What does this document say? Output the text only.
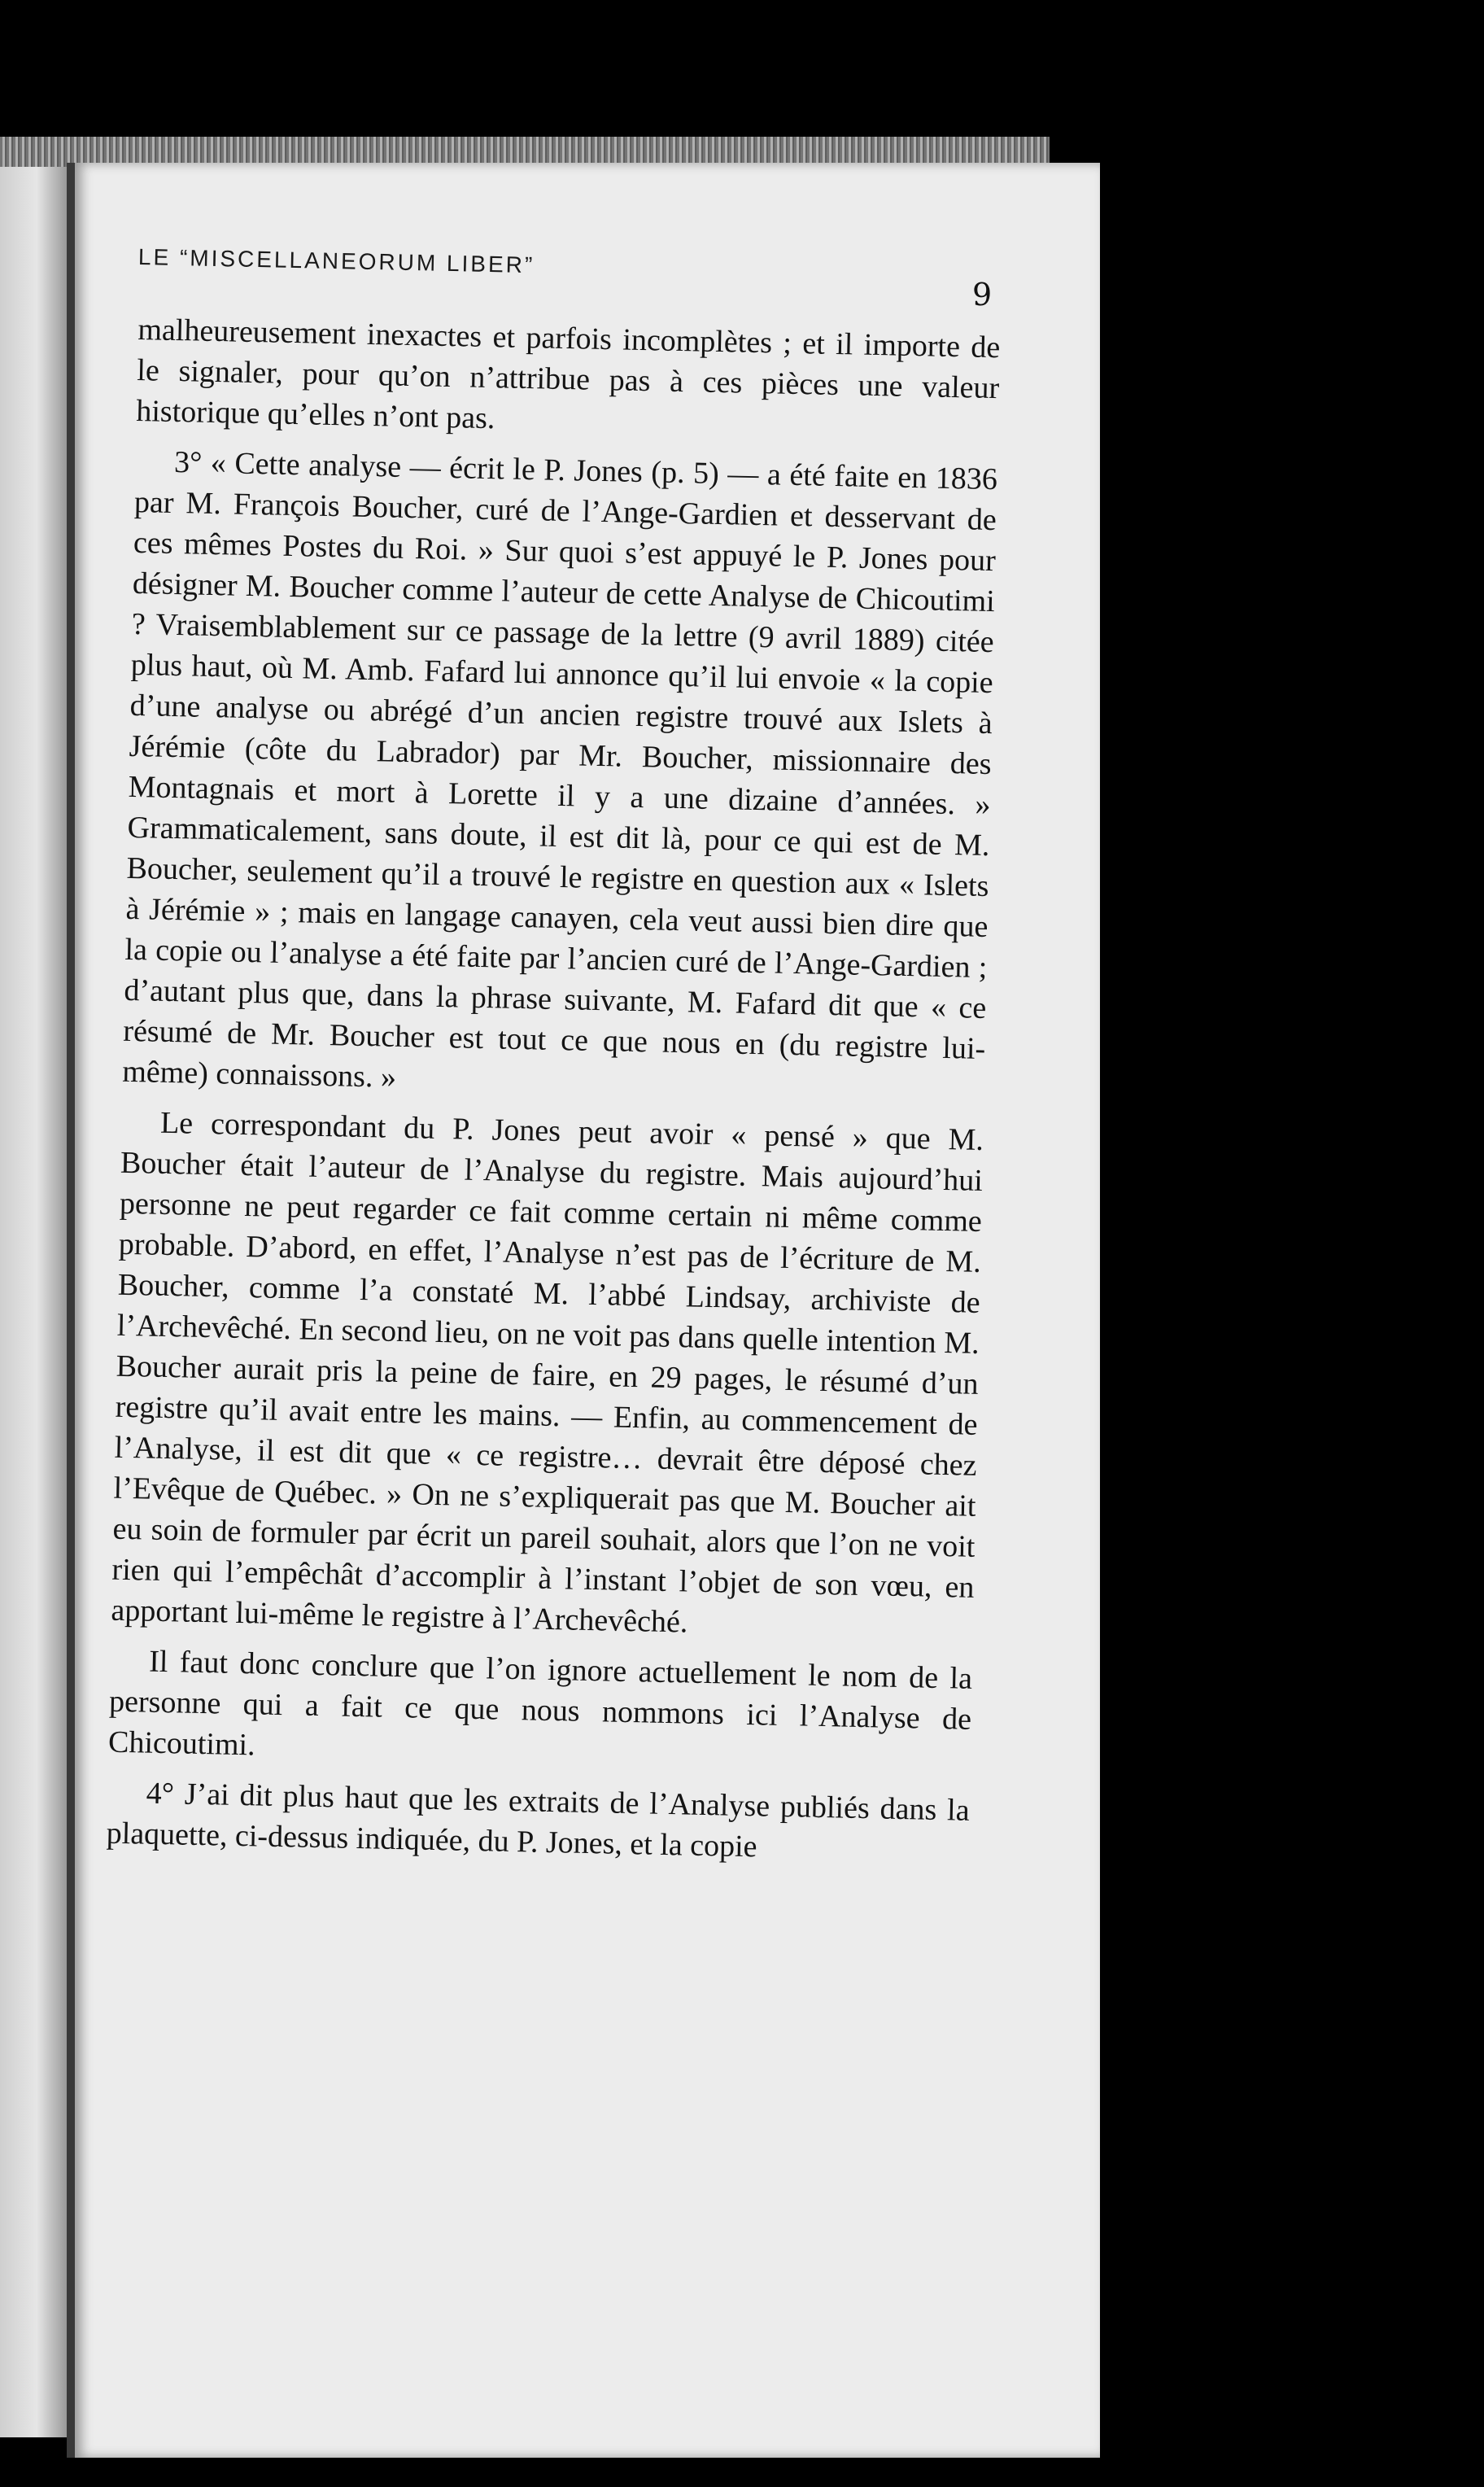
LE “MISCELLANEORUM LIBER”
9

malheureusement inexactes et parfois incomplètes ; et il importe de le signaler, pour qu’on n’attribue pas à ces pièces une valeur historique qu’elles n’ont pas.

3° « Cette analyse — écrit le P. Jones (p. 5) — a été faite en 1836 par M. François Boucher, curé de l’Ange-Gardien et desservant de ces mêmes Postes du Roi. » Sur quoi s’est appuyé le P. Jones pour désigner M. Boucher comme l’auteur de cette Analyse de Chicoutimi ? Vraisemblablement sur ce passage de la lettre (9 avril 1889) citée plus haut, où M. Amb. Fafard lui annonce qu’il lui envoie « la copie d’une analyse ou abrégé d’un ancien registre trouvé aux Islets à Jérémie (côte du Labrador) par Mr. Boucher, missionnaire des Montagnais et mort à Lorette il y a une dizaine d’années. » Grammaticalement, sans doute, il est dit là, pour ce qui est de M. Boucher, seulement qu’il a trouvé le registre en question aux « Islets à Jérémie » ; mais en langage canayen, cela veut aussi bien dire que la copie ou l’analyse a été faite par l’ancien curé de l’Ange-Gardien ; d’autant plus que, dans la phrase suivante, M. Fafard dit que « ce résumé de Mr. Boucher est tout ce que nous en (du registre lui-même) connaissons. »

Le correspondant du P. Jones peut avoir « pensé » que M. Boucher était l’auteur de l’Analyse du registre. Mais aujourd’hui personne ne peut regarder ce fait comme certain ni même comme probable. D’abord, en effet, l’Analyse n’est pas de l’écriture de M. Boucher, comme l’a constaté M. l’abbé Lindsay, archiviste de l’Archevêché. En second lieu, on ne voit pas dans quelle intention M. Boucher aurait pris la peine de faire, en 29 pages, le résumé d’un registre qu’il avait entre les mains. — Enfin, au commencement de l’Analyse, il est dit que « ce registre… devrait être déposé chez l’Evêque de Québec. » On ne s’expliquerait pas que M. Boucher ait eu soin de formuler par écrit un pareil souhait, alors que l’on ne voit rien qui l’empêchât d’accomplir à l’instant l’objet de son vœu, en apportant lui-même le registre à l’Archevêché.

Il faut donc conclure que l’on ignore actuellement le nom de la personne qui a fait ce que nous nommons ici l’Analyse de Chicoutimi.

4° J’ai dit plus haut que les extraits de l’Analyse publiés dans la plaquette, ci-dessus indiquée, du P. Jones, et la copie
